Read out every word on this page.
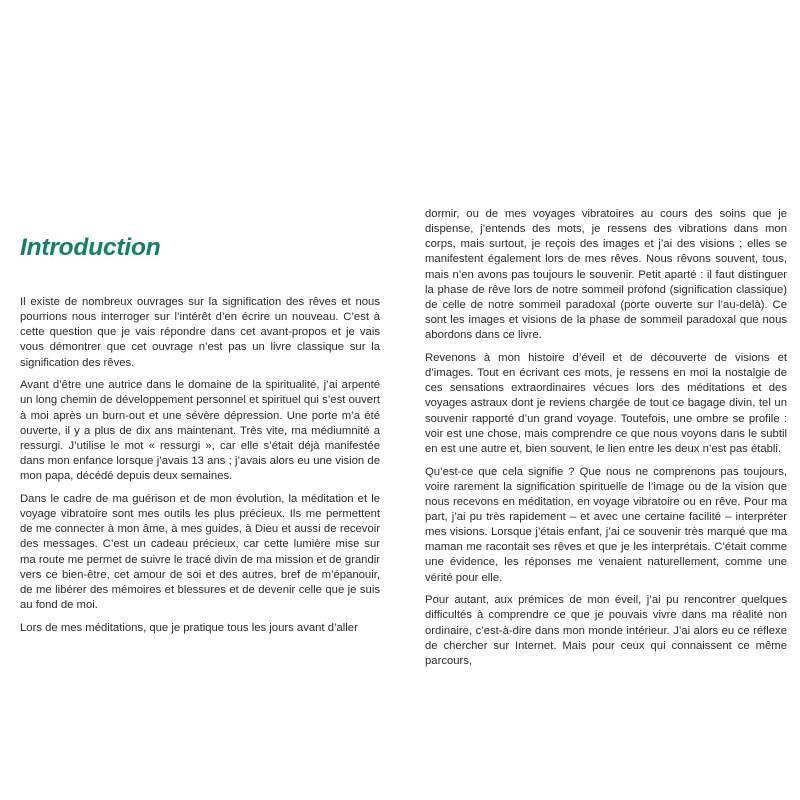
Introduction

Il existe de nombreux ouvrages sur la signification des rêves et nous pourrions nous interroger sur l’intérêt d’en écrire un nouveau. C’est à cette question que je vais répondre dans cet avant-propos et je vais vous démontrer que cet ouvrage n’est pas un livre classique sur la signification des rêves.

Avant d’être une autrice dans le domaine de la spiritualité, j’ai arpenté un long chemin de développement personnel et spirituel qui s’est ouvert à moi après un burn-out et une sévère dépression. Une porte m’a été ouverte, il y a plus de dix ans maintenant. Très vite, ma médiumnité a ressurgi. J’utilise le mot « ressurgi », car elle s’était déjà manifestée dans mon enfance lorsque j’avais 13 ans ; j’avais alors eu une vision de mon papa, décédé depuis deux semaines.

Dans le cadre de ma guérison et de mon évolution, la méditation et le voyage vibratoire sont mes outils les plus précieux. Ils me permettent de me connecter à mon âme, à mes guides, à Dieu et aussi de recevoir des messages. C’est un cadeau précieux, car cette lumière mise sur ma route me permet de suivre le tracé divin de ma mission et de grandir vers ce bien-être, cet amour de soi et des autres, bref de m’épanouir, de me libérer des mémoires et blessures et de devenir celle que je suis au fond de moi.

Lors de mes méditations, que je pratique tous les jours avant d’aller

dormir, ou de mes voyages vibratoires au cours des soins que je dispense, j’entends des mots, je ressens des vibrations dans mon corps, mais surtout, je reçois des images et j’ai des visions ; elles se manifestent également lors de mes rêves. Nous rêvons souvent, tous, mais n’en avons pas toujours le souvenir. Petit aparté : il faut distinguer la phase de rêve lors de notre sommeil profond (signification classique) de celle de notre sommeil paradoxal (porte ouverte sur l’au-delà). Ce sont les images et visions de la phase de sommeil paradoxal que nous abordons dans ce livre.

Revenons à mon histoire d’éveil et de découverte de visions et d’images. Tout en écrivant ces mots, je ressens en moi la nostalgie de ces sensations extraordinaires vécues lors des méditations et des voyages astraux dont je reviens chargée de tout ce bagage divin, tel un souvenir rapporté d’un grand voyage. Toutefois, une ombre se profile : voir est une chose, mais comprendre ce que nous voyons dans le subtil en est une autre et, bien souvent, le lien entre les deux n’est pas établi.

Qu’est-ce que cela signifie ? Que nous ne comprenons pas toujours, voire rarement la signification spirituelle de l’image ou de la vision que nous recevons en méditation, en voyage vibratoire ou en rêve. Pour ma part, j’ai pu très rapidement – et avec une certaine facilité – interpréter mes visions. Lorsque j’étais enfant, j’ai ce souvenir très marqué que ma maman me racontait ses rêves et que je les interprétais. C’était comme une évidence, les réponses me venaient naturellement, comme une vérité pour elle.

Pour autant, aux prémices de mon éveil, j’ai pu rencontrer quelques difficultés à comprendre ce que je pouvais vivre dans ma réalité non ordinaire, c’est-à-dire dans mon monde intérieur. J’ai alors eu ce réflexe de chercher sur Internet. Mais pour ceux qui connaissent ce même parcours,
